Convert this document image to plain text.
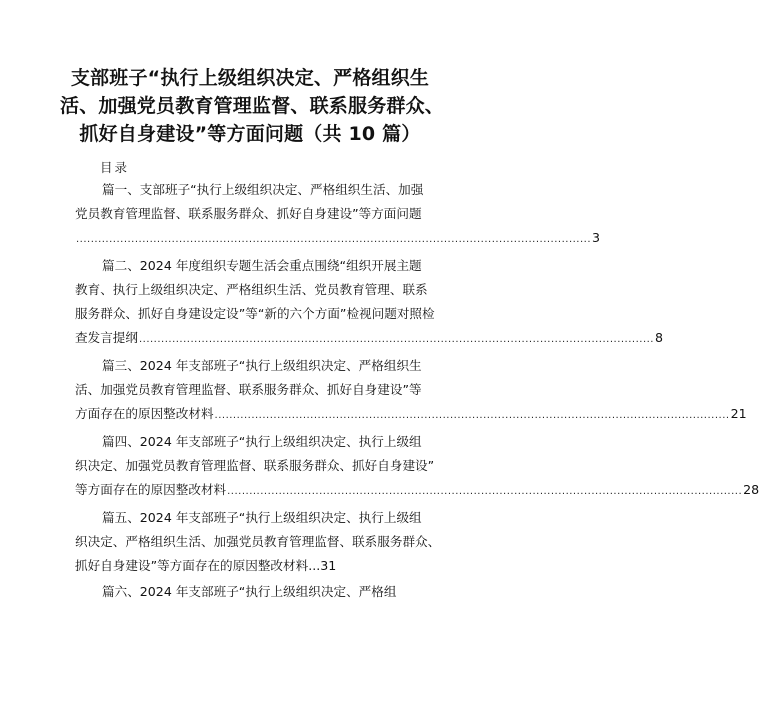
支部班子“执行上级组织决定、严格组织生
活、加强党员教育管理监督、联系服务群众、
抓好自身建设”等方面问题（共 10 篇）
目录
篇一、支部班子“执行上级组织决定、严格组织生活、加强
党员教育管理监督、联系服务群众、抓好自身建设”等方面问题
............................................................................................................................................ 3
篇二、2024 年度组织专题生活会重点围绕“组织开展主题
教育、执行上级组织决定、严格组织生活、党员教育管理、联系
服务群众、抓好自身建设定设”等“新的六个方面”检视问题对照检
查发言提纲 ............................................................................................................................................ 8
篇三、2024 年支部班子“执行上级组织决定、严格组织生
活、加强党员教育管理监督、联系服务群众、抓好自身建设”等
方面存在的原因整改材料 ............................................................................................................................................ 21
篇四、2024 年支部班子“执行上级组织决定、执行上级组
织决定、加强党员教育管理监督、联系服务群众、抓好自身建设”
等方面存在的原因整改材料 ............................................................................................................................................ 28
篇五、2024 年支部班子“执行上级组织决定、执行上级组
织决定、严格组织生活、加强党员教育管理监督、联系服务群众、
抓好自身建设”等方面存在的原因整改材料... 31
篇六、2024 年支部班子“执行上级组织决定、严格组
